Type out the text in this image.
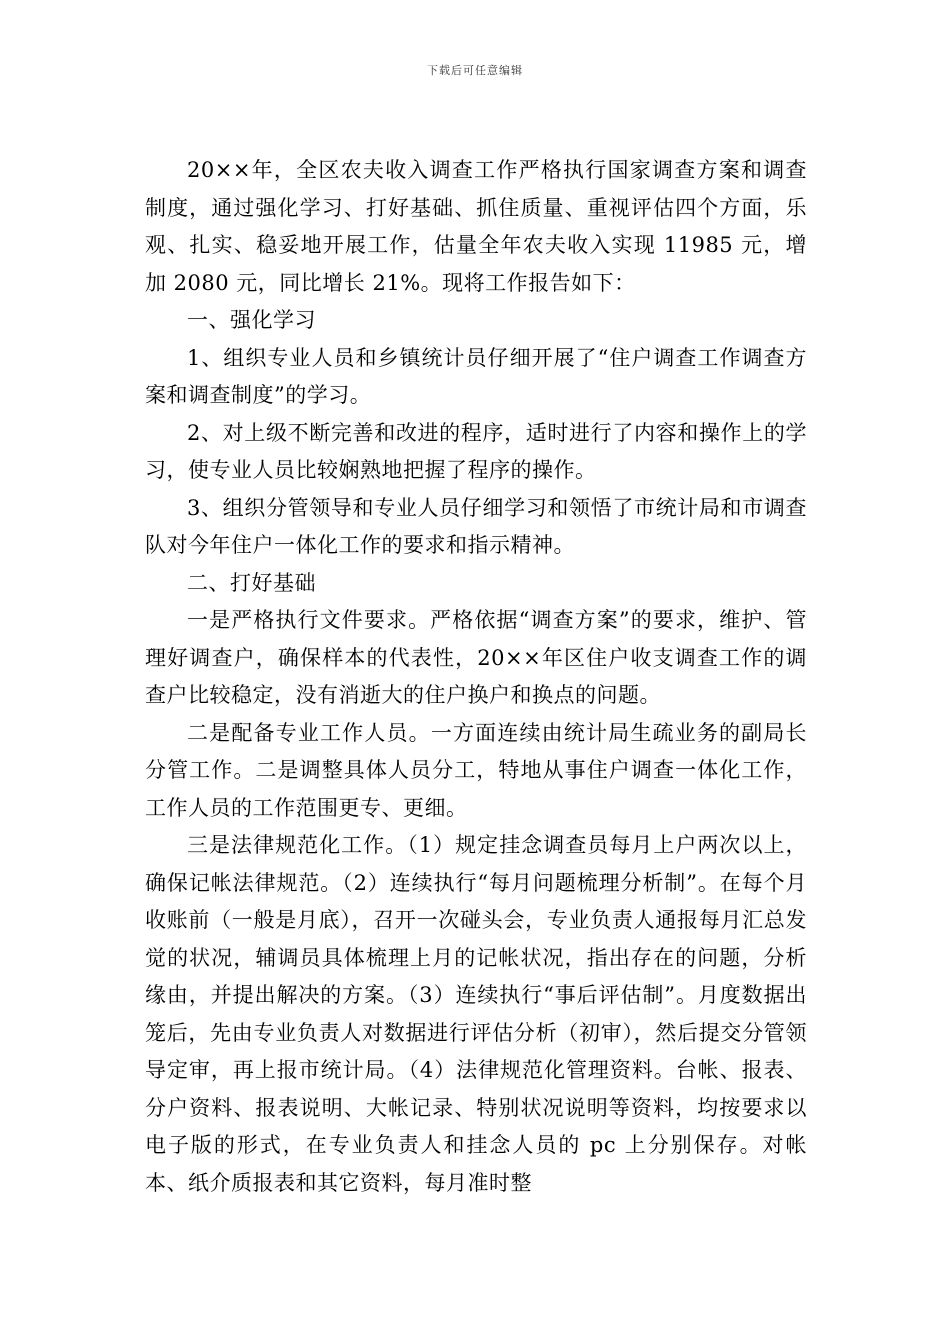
下载后可任意编辑

20××年，全区农夫收入调查工作严格执行国家调查方案和调查制度，通过强化学习、打好基础、抓住质量、重视评估四个方面，乐观、扎实、稳妥地开展工作，估量全年农夫收入实现 11985 元，增加 2080 元，同比增长 21%。现将工作报告如下：

一、强化学习

1、组织专业人员和乡镇统计员仔细开展了“住户调查工作调查方案和调查制度”的学习。

2、对上级不断完善和改进的程序，适时进行了内容和操作上的学习，使专业人员比较娴熟地把握了程序的操作。

3、组织分管领导和专业人员仔细学习和领悟了市统计局和市调查队对今年住户一体化工作的要求和指示精神。

二、打好基础

一是严格执行文件要求。严格依据“调查方案”的要求，维护、管理好调查户，确保样本的代表性，20××年区住户收支调查工作的调查户比较稳定，没有消逝大的住户换户和换点的问题。

二是配备专业工作人员。一方面连续由统计局生疏业务的副局长分管工作。二是调整具体人员分工，特地从事住户调查一体化工作，工作人员的工作范围更专、更细。

三是法律规范化工作。（1）规定挂念调查员每月上户两次以上，确保记帐法律规范。（2）连续执行“每月问题梳理分析制”。在每个月收账前（一般是月底），召开一次碰头会，专业负责人通报每月汇总发觉的状况，辅调员具体梳理上月的记帐状况，指出存在的问题，分析缘由，并提出解决的方案。（3）连续执行“事后评估制”。月度数据出笼后，先由专业负责人对数据进行评估分析（初审），然后提交分管领导定审，再上报市统计局。（4）法律规范化管理资料。台帐、报表、分户资料、报表说明、大帐记录、特别状况说明等资料，均按要求以电子版的形式，在专业负责人和挂念人员的 pc 上分别保存。对帐本、纸介质报表和其它资料，每月准时整
